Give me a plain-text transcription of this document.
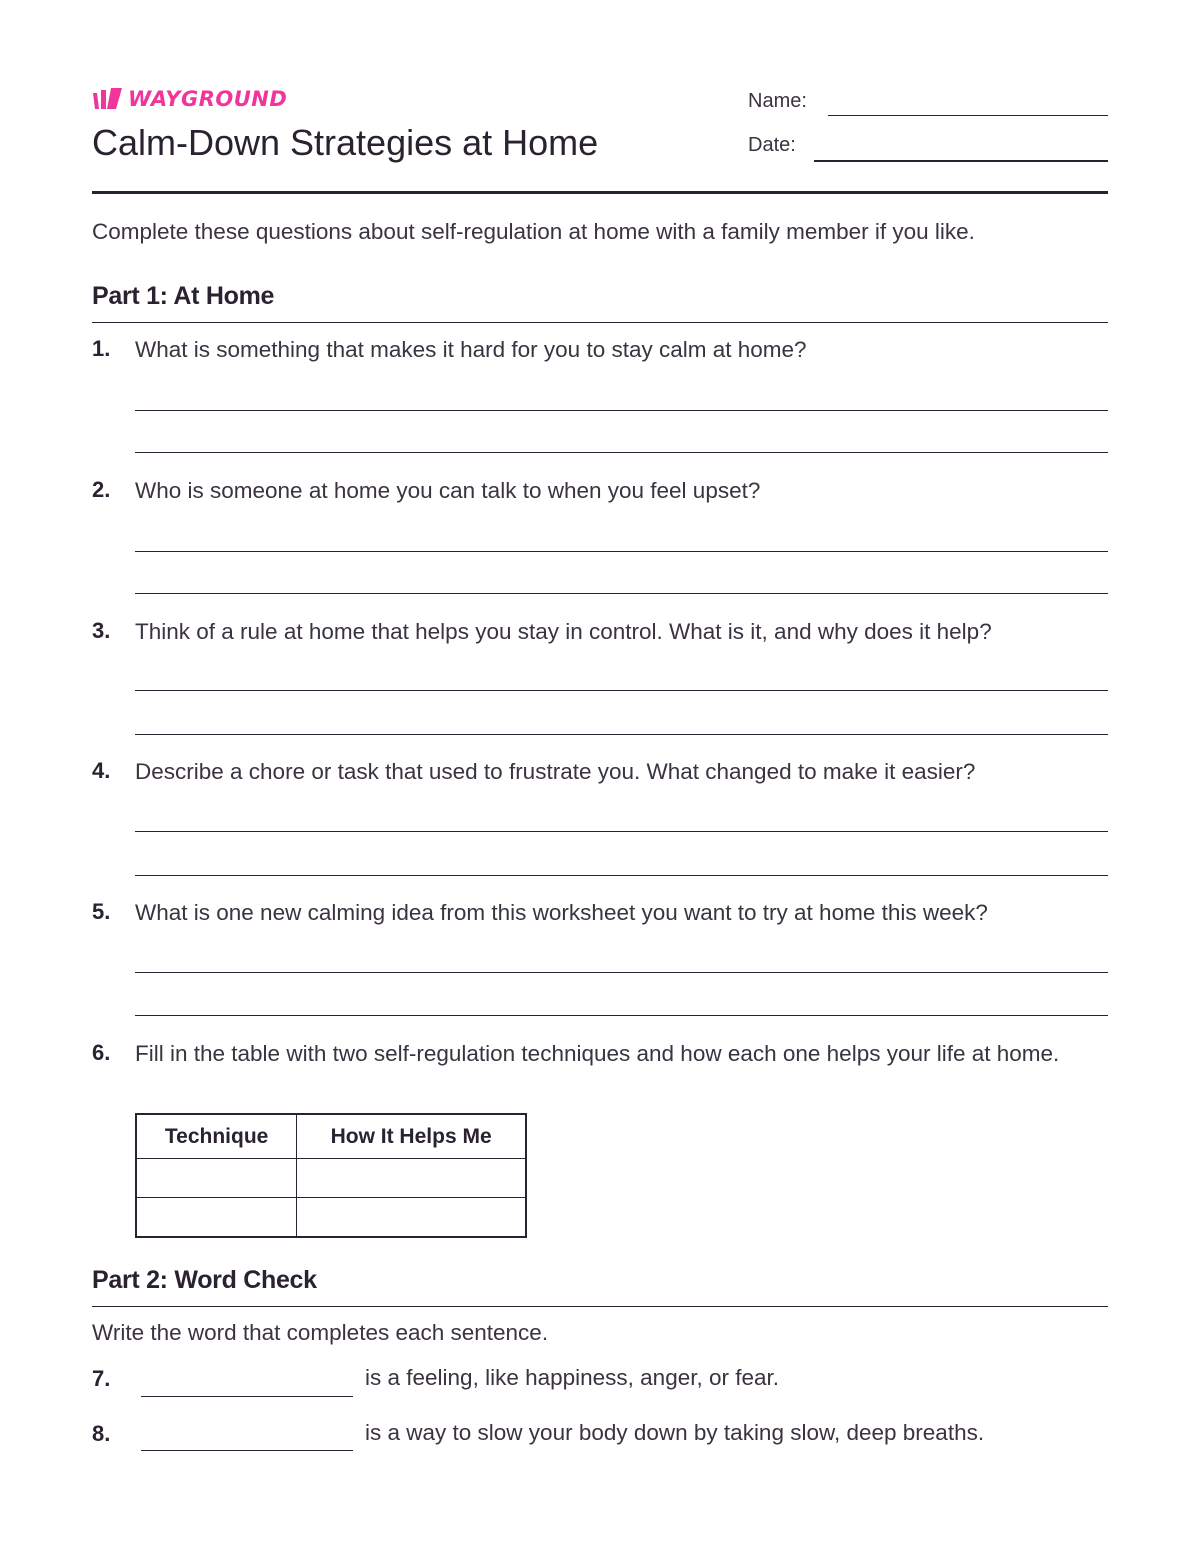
WAYGROUND
Calm-Down Strategies at Home
Name:
Date:
Complete these questions about self-regulation at home with a family member if you like.
Part 1: At Home
1. What is something that makes it hard for you to stay calm at home?
2. Who is someone at home you can talk to when you feel upset?
3. Think of a rule at home that helps you stay in control. What is it, and why does it help?
4. Describe a chore or task that used to frustrate you. What changed to make it easier?
5. What is one new calming idea from this worksheet you want to try at home this week?
6. Fill in the table with two self-regulation techniques and how each one helps your life at home.
Technique	How It Helps Me

Part 2: Word Check
Write the word that completes each sentence.
7.	is a feeling, like happiness, anger, or fear.
8.	is a way to slow your body down by taking slow, deep breaths.
